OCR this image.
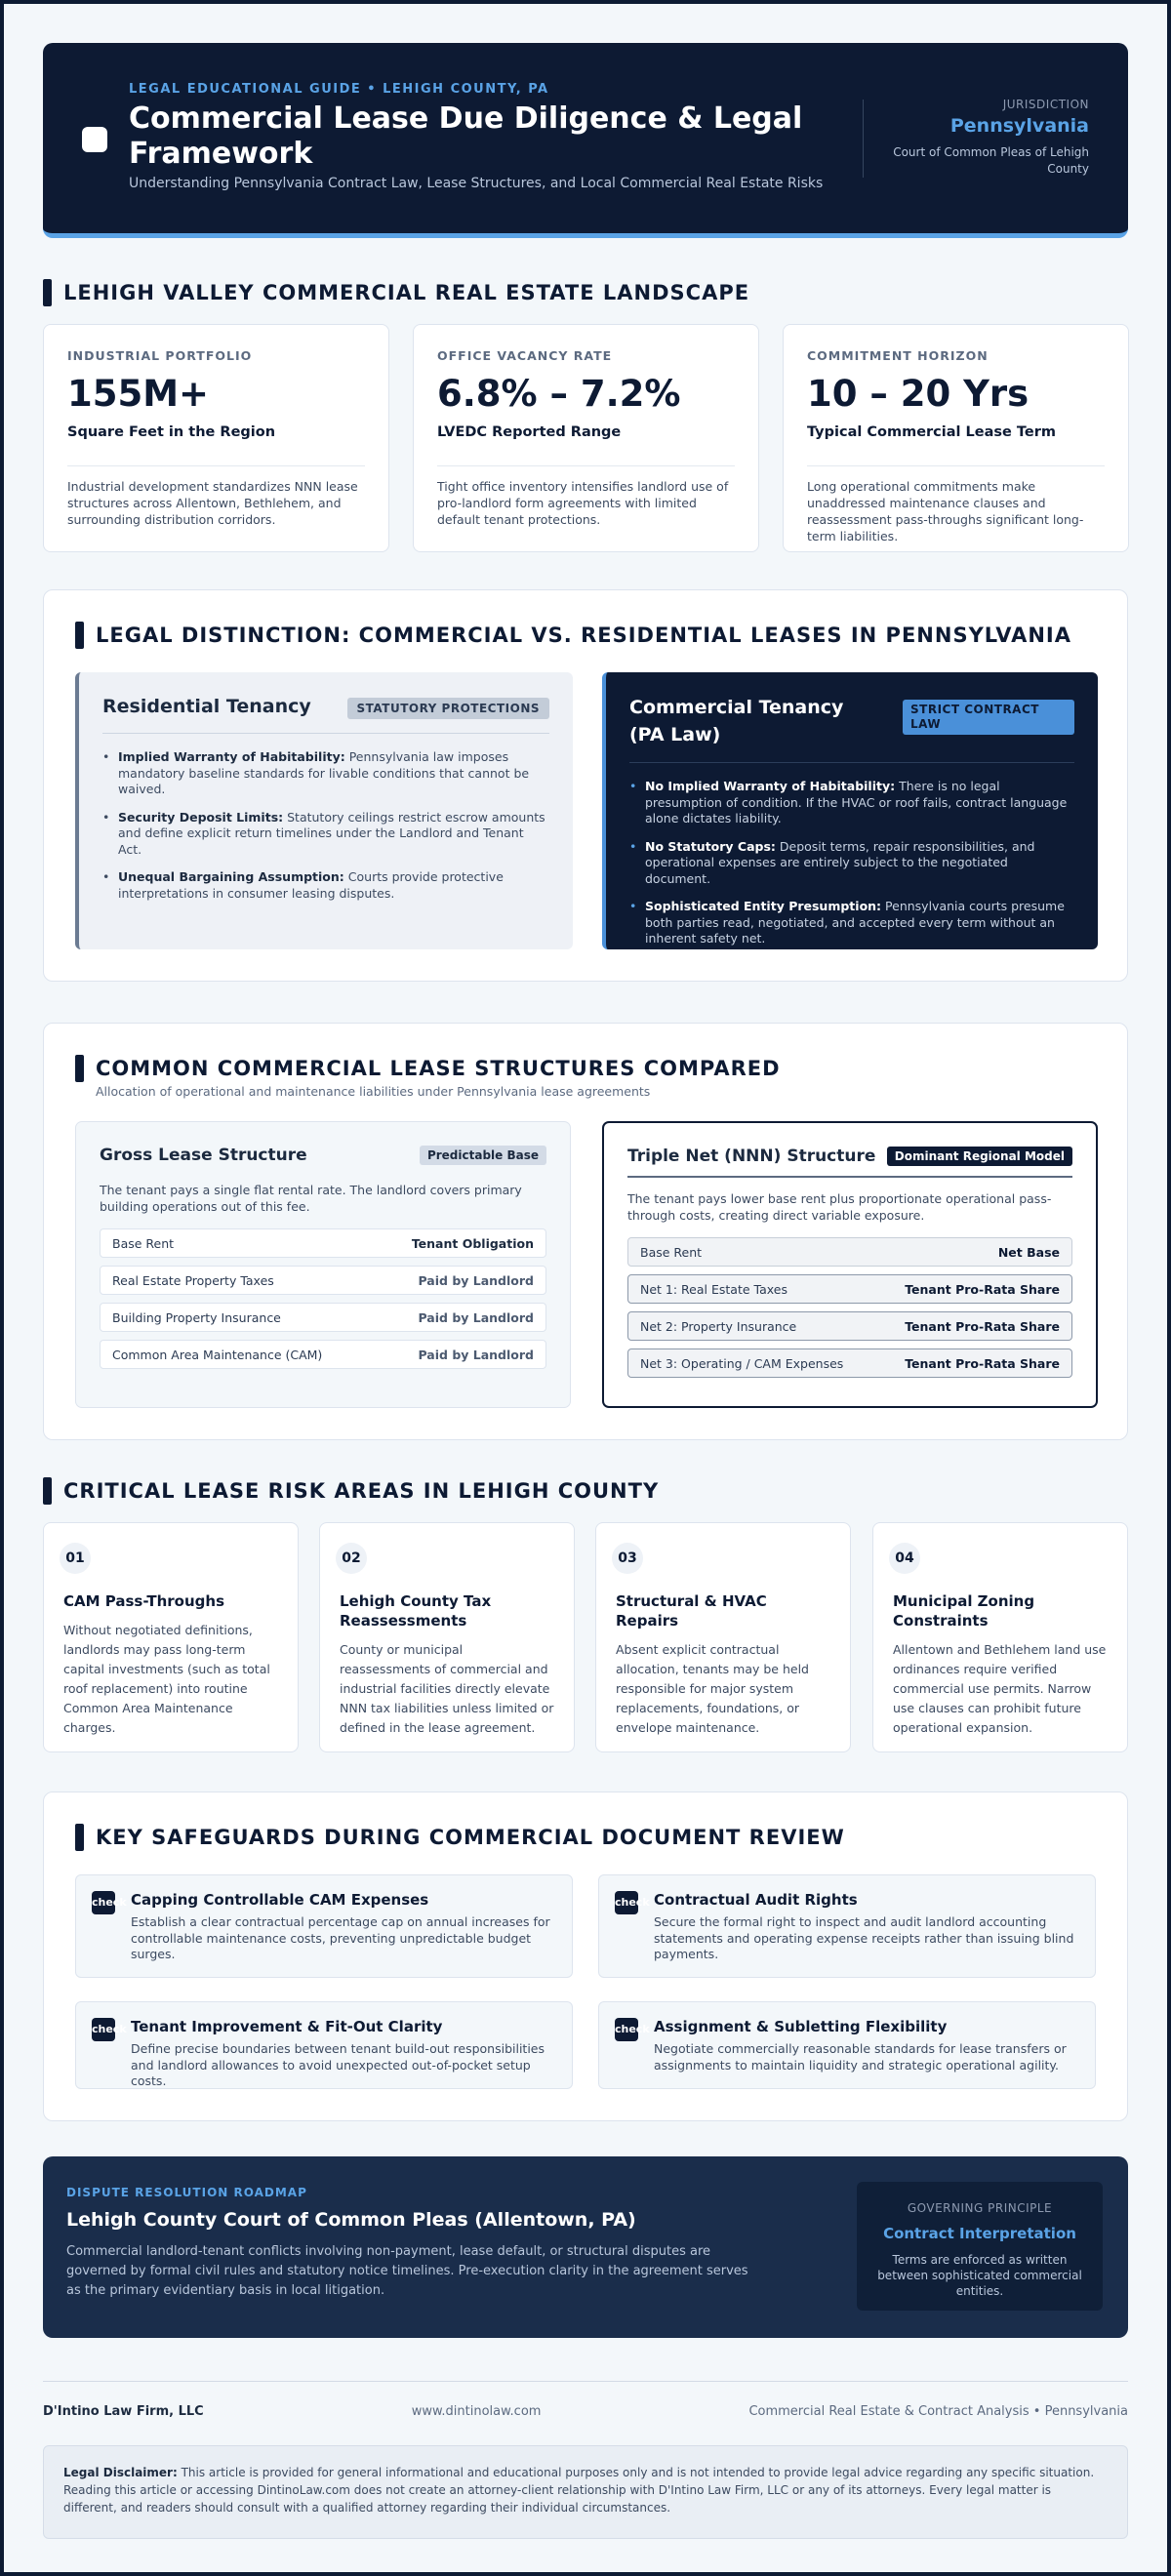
LEGAL EDUCATIONAL GUIDE • LEHIGH COUNTY, PA
Commercial Lease Due Diligence & Legal Framework
Understanding Pennsylvania Contract Law, Lease Structures, and Local Commercial Real Estate Risks
JURISDICTION
Pennsylvania
Court of Common Pleas of Lehigh County
LEHIGH VALLEY COMMERCIAL REAL ESTATE LANDSCAPE
INDUSTRIAL PORTFOLIO
155M+
Square Feet in the Region
Industrial development standardizes NNN lease structures across Allentown, Bethlehem, and surrounding distribution corridors.
OFFICE VACANCY RATE
6.8% – 7.2%
LVEDC Reported Range
Tight office inventory intensifies landlord use of pro-landlord form agreements with limited default tenant protections.
COMMITMENT HORIZON
10 – 20 Yrs
Typical Commercial Lease Term
Long operational commitments make unaddressed maintenance clauses and reassessment pass-throughs significant long-term liabilities.
LEGAL DISTINCTION: COMMERCIAL VS. RESIDENTIAL LEASES IN PENNSYLVANIA
Residential Tenancy	STATUTORY PROTECTIONS
• Implied Warranty of Habitability: Pennsylvania law imposes mandatory baseline standards for livable conditions that cannot be waived.
• Security Deposit Limits: Statutory ceilings restrict escrow amounts and define explicit return timelines under the Landlord and Tenant Act.
• Unequal Bargaining Assumption: Courts provide protective interpretations in consumer leasing disputes.
Commercial Tenancy (PA Law)
STRICT CONTRACT LAW
• No Implied Warranty of Habitability: There is no legal presumption of condition. If the HVAC or roof fails, contract language alone dictates liability.
• No Statutory Caps: Deposit terms, repair responsibilities, and operational expenses are entirely subject to the negotiated document.
• Sophisticated Entity Presumption: Pennsylvania courts presume both parties read, negotiated, and accepted every term without an inherent safety net.
COMMON COMMERCIAL LEASE STRUCTURES COMPARED
Allocation of operational and maintenance liabilities under Pennsylvania lease agreements
Gross Lease Structure	Predictable Base
The tenant pays a single flat rental rate. The landlord covers primary building operations out of this fee.
Base Rent	Tenant Obligation
Real Estate Property Taxes	Paid by Landlord
Building Property Insurance	Paid by Landlord
Common Area Maintenance (CAM)	Paid by Landlord
Triple Net (NNN) Structure	Dominant Regional Model
The tenant pays lower base rent plus proportionate operational pass-through costs, creating direct variable exposure.
Base Rent	Net Base
Net 1: Real Estate Taxes	Tenant Pro-Rata Share
Net 2: Property Insurance	Tenant Pro-Rata Share
Net 3: Operating / CAM Expenses	Tenant Pro-Rata Share
CRITICAL LEASE RISK AREAS IN LEHIGH COUNTY
01
CAM Pass-Throughs
Without negotiated definitions, landlords may pass long-term capital investments (such as total roof replacement) into routine Common Area Maintenance charges.
02
Lehigh County Tax Reassessments
County or municipal reassessments of commercial and industrial facilities directly elevate NNN tax liabilities unless limited or defined in the lease agreement.
03
Structural & HVAC Repairs
Absent explicit contractual allocation, tenants may be held responsible for major system replacements, foundations, or envelope maintenance.
04
Municipal Zoning Constraints
Allentown and Bethlehem land use ordinances require verified commercial use permits. Narrow use clauses can prohibit future operational expansion.
KEY SAFEGUARDS DURING COMMERCIAL DOCUMENT REVIEW
check Capping Controllable CAM Expenses
Establish a clear contractual percentage cap on annual increases for controllable maintenance costs, preventing unpredictable budget surges.
check Contractual Audit Rights
Secure the formal right to inspect and audit landlord accounting statements and operating expense receipts rather than issuing blind payments.
check Tenant Improvement & Fit-Out Clarity
Define precise boundaries between tenant build-out responsibilities and landlord allowances to avoid unexpected out-of-pocket setup costs.
check Assignment & Subletting Flexibility
Negotiate commercially reasonable standards for lease transfers or assignments to maintain liquidity and strategic operational agility.
DISPUTE RESOLUTION ROADMAP
Lehigh County Court of Common Pleas (Allentown, PA)
Commercial landlord-tenant conflicts involving non-payment, lease default, or structural disputes are governed by formal civil rules and statutory notice timelines. Pre-execution clarity in the agreement serves as the primary evidentiary basis in local litigation.
GOVERNING PRINCIPLE
Contract Interpretation
Terms are enforced as written between sophisticated commercial entities.
D'Intino Law Firm, LLC	www.dintinolaw.com	Commercial Real Estate & Contract Analysis • Pennsylvania
Legal Disclaimer: This article is provided for general informational and educational purposes only and is not intended to provide legal advice regarding any specific situation. Reading this article or accessing DintinoLaw.com does not create an attorney-client relationship with D'Intino Law Firm, LLC or any of its attorneys. Every legal matter is different, and readers should consult with a qualified attorney regarding their individual circumstances.
